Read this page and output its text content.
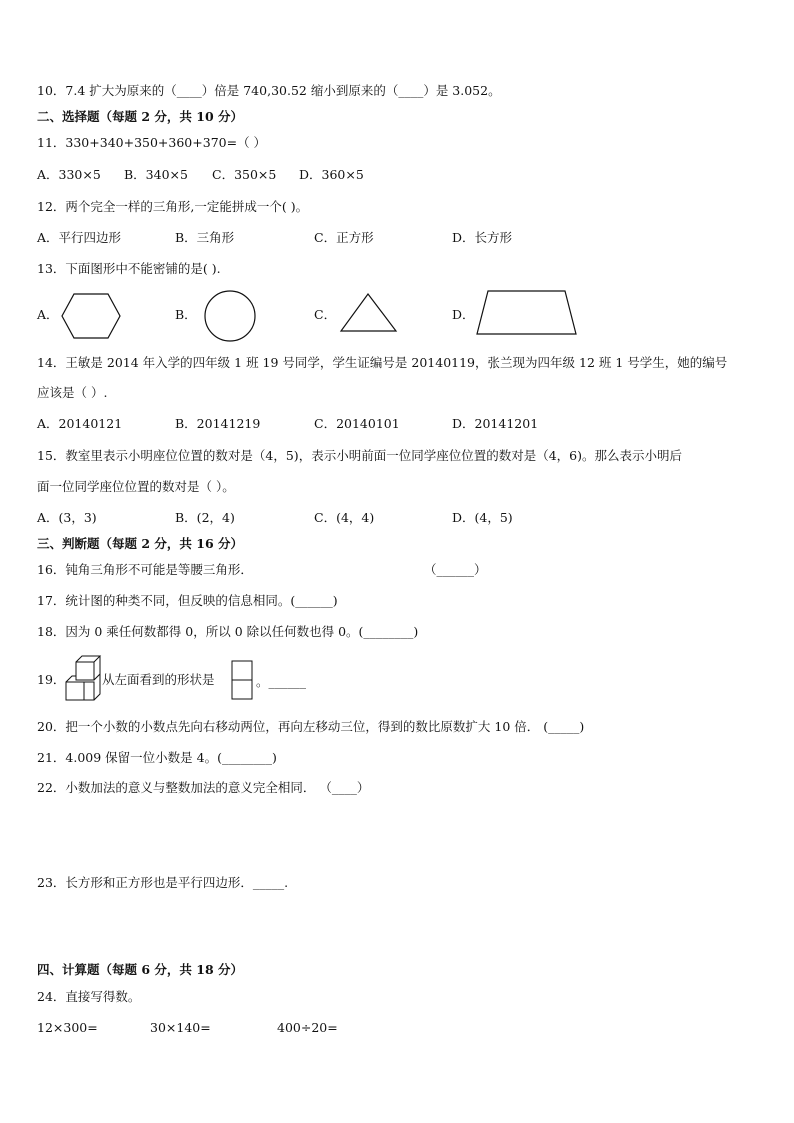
10．7.4 扩大为原来的（____）倍是 740,30.52 缩小到原来的（____）是 3.052。
二、选择题（每题 2 分，共 10 分）
11．330+340+350+360+370=（ ）
A．330×5 B．340×5 C．350×5 D．360×5
12．两个完全一样的三角形,一定能拼成一个( )。
A．平行四边形	B．三角形	C．正方形	D．长方形
13．下面图形中不能密铺的是( ).
A．	B．	C．	D．
14．王敏是 2014 年入学的四年级 1 班 19 号同学，学生证编号是 20140119，张兰现为四年级 12 班 1 号学生，她的编号
应该是（ ）.
A．20140121	B．20141219	C．20140101	D．20141201
15．教室里表示小明座位位置的数对是（4，5)，表示小明前面一位同学座位位置的数对是（4，6)。那么表示小明后
面一位同学座位位置的数对是（ ）。
A．(3，3)	B．(2，4)	C．(4，4)	D．(4，5)
三、判断题（每题 2 分，共 16 分）
16．钝角三角形不可能是等腰三角形．	（______）
17．统计图的种类不同，但反映的信息相同。(______)
18．因为 0 乘任何数都得 0，所以 0 除以任何数也得 0。(________)
19．	从左面看到的形状是	。______
20．把一个小数的小数点先向右移动两位，再向左移动三位，得到的数比原数扩大 10 倍． (_____)
21．4.009 保留一位小数是 4。(________)
22．小数加法的意义与整数加法的意义完全相同． （____）
23．长方形和正方形也是平行四边形．_____.
四、计算题（每题 6 分，共 18 分）
24．直接写得数。
12×300=	30×140=	400÷20=
